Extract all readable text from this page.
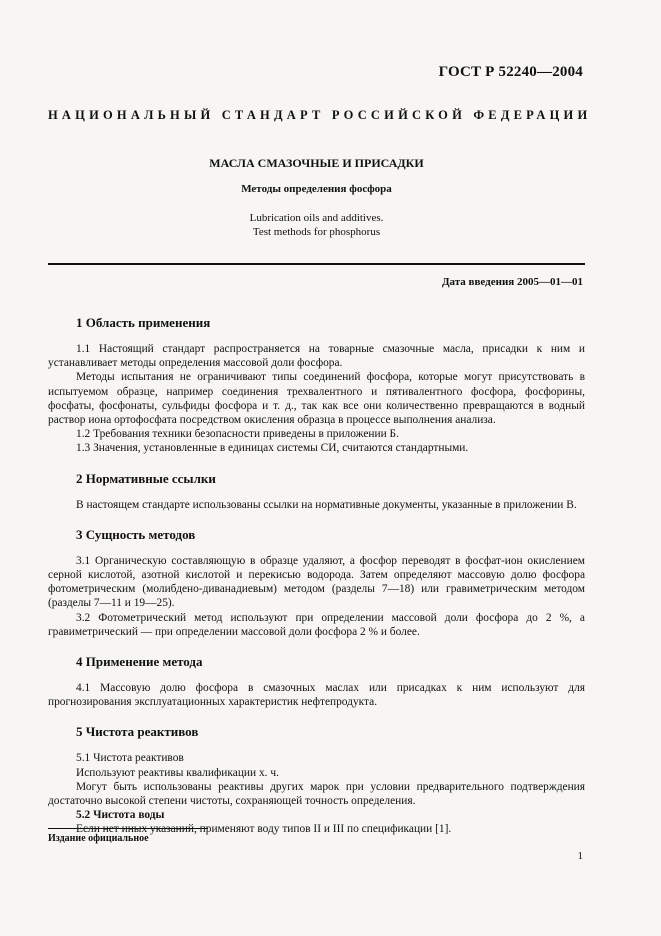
ГОСТ Р 52240—2004
НАЦИОНАЛЬНЫЙ СТАНДАРТ РОССИЙСКОЙ ФЕДЕРАЦИИ
МАСЛА СМАЗОЧНЫЕ И ПРИСАДКИ
Методы определения фосфора
Lubrication oils and additives.
Test methods for phosphorus
Дата введения 2005—01—01
1 Область применения

1.1 Настоящий стандарт распространяется на товарные смазочные масла, присадки к ним и устанавливает методы определения массовой доли фосфора.

Методы испытания не ограничивают типы соединений фосфора, которые могут присутствовать в испытуемом образце, например соединения трехвалентного и пятивалентного фосфора, фосфорины, фосфаты, фосфонаты, сульфиды фосфора и т. д., так как все они количественно превращаются в водный раствор иона ортофосфата посредством окисления образца в процессе выполнения анализа.

1.2 Требования техники безопасности приведены в приложении Б.

1.3 Значения, установленные в единицах системы СИ, считаются стандартными.

2 Нормативные ссылки

В настоящем стандарте использованы ссылки на нормативные документы, указанные в приложении В.

3 Сущность методов

3.1 Органическую составляющую в образце удаляют, а фосфор переводят в фосфат-ион окислением серной кислотой, азотной кислотой и перекисью водорода. Затем определяют массовую долю фосфора фотометрическим (молибдено-диванадиевым) методом (разделы 7—18) или гравиметрическим методом (разделы 7—11 и 19—25).

3.2 Фотометрический метод используют при определении массовой доли фосфора до 2 %, а гравиметрический — при определении массовой доли фосфора 2 % и более.

4 Применение метода

4.1 Массовую долю фосфора в смазочных маслах или присадках к ним используют для прогнозирования эксплуатационных характеристик нефтепродукта.

5 Чистота реактивов

5.1 Чистота реактивов

Используют реактивы квалификации х. ч.

Могут быть использованы реактивы других марок при условии предварительного подтверждения достаточно высокой степени чистоты, сохраняющей точность определения.

5.2 Чистота воды

Если нет иных указаний, применяют воду типов II и III по спецификации [1].

Издание официальное
1
